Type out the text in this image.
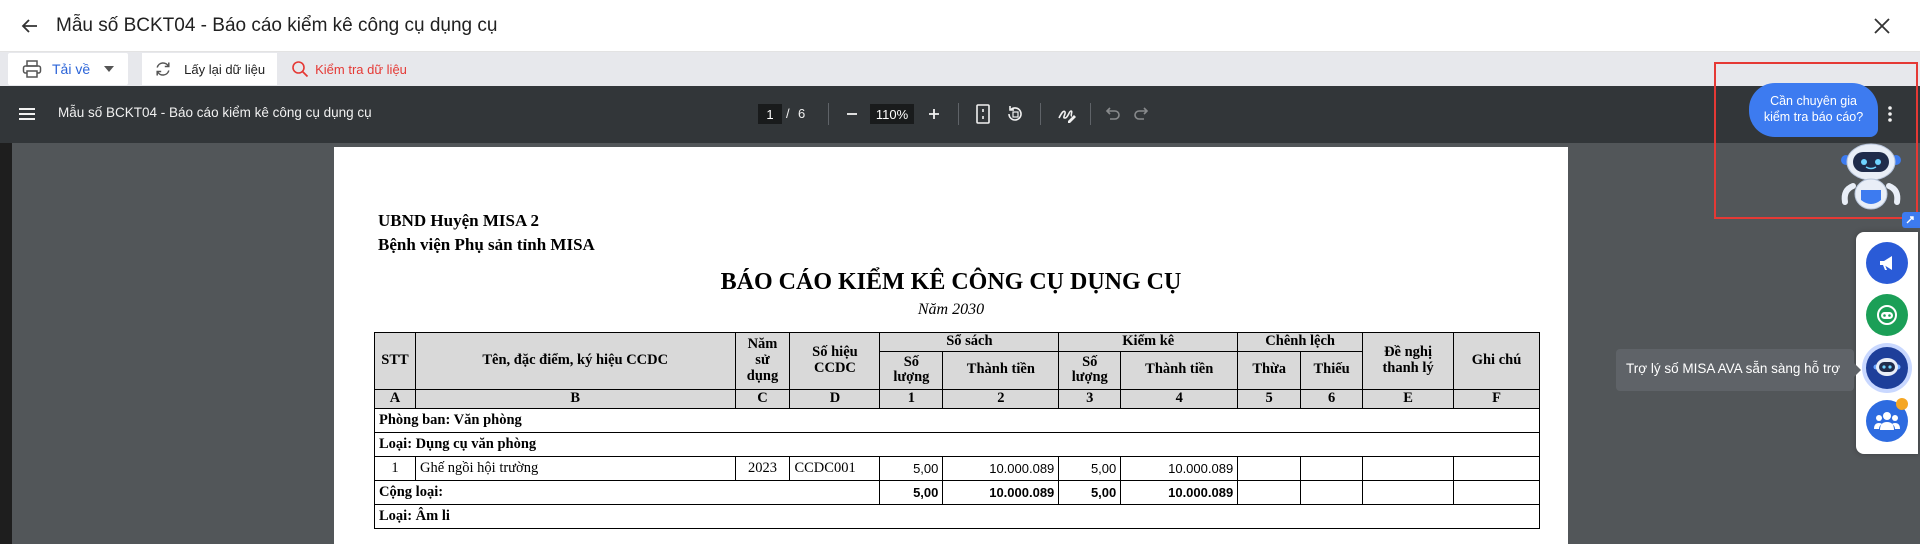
Mẫu số BCKT04 - Báo cáo kiểm kê công cụ dụng cụ
Tải về	Lấy lại dữ liệu	Kiểm tra dữ liệu
Mẫu số BCKT04 - Báo cáo kiểm kê công cụ dụng cụ
1	/ 6
110%
UBND Huyện MISA 2
Bệnh viện Phụ sản tỉnh MISA
BÁO CÁO KIỂM KÊ CÔNG CỤ DỤNG CỤ
Năm 2030
STT	Tên, đặc điểm, ký hiệu CCDC	Năm sử dụng	Số hiệu CCDC	Sổ sách		Kiểm kê		Chênh lệch		Đề nghị thanh lý	Ghi chú
				Số lượng	Thành tiền	Số lượng	Thành tiền	Thừa	Thiếu		
A	B	C	D	1	2	3	4	5	6	E	F
Phòng ban: Văn phòng											
Loại: Dụng cụ văn phòng											
1	Ghế ngồi hội trường	2023	CCDC001	5,00	10.000.089	5,00	10.000.089				
Cộng loại:				5,00	10.000.089	5,00	10.000.089				
Loại: Âm li											
Cần chuyên gia
kiểm tra báo cáo?
Trợ lý số MISA AVA sẵn sàng hỗ trợ
